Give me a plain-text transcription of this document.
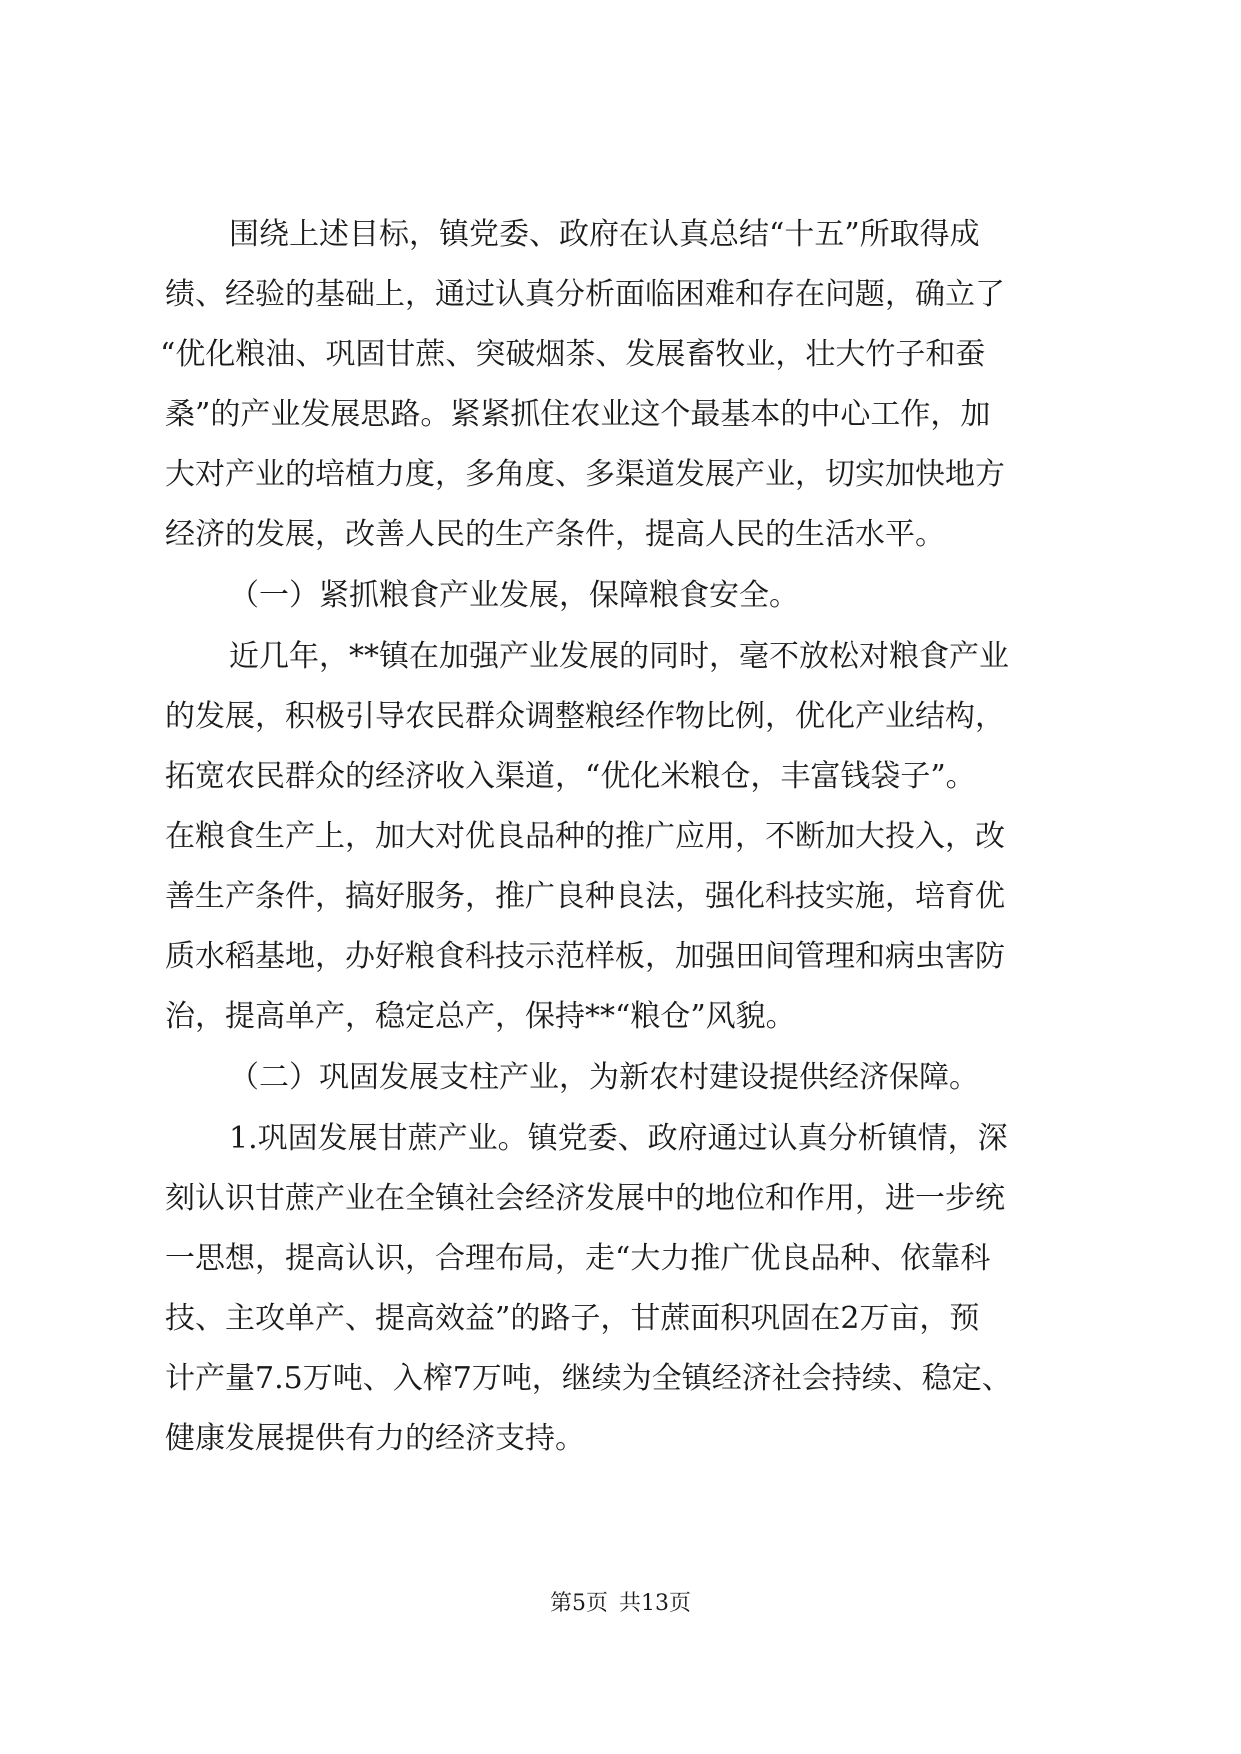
围绕上述目标，镇党委、政府在认真总结“十五”所取得成
绩、经验的基础上，通过认真分析面临困难和存在问题，确立了
“优化粮油、巩固甘蔗、突破烟茶、发展畜牧业，壮大竹子和蚕
桑”的产业发展思路。紧紧抓住农业这个最基本的中心工作，加
大对产业的培植力度，多角度、多渠道发展产业，切实加快地方
经济的发展，改善人民的生产条件，提高人民的生活水平。
（一）紧抓粮食产业发展，保障粮食安全。
近几年，**镇在加强产业发展的同时，毫不放松对粮食产业
的发展，积极引导农民群众调整粮经作物比例，优化产业结构，
拓宽农民群众的经济收入渠道，“优化米粮仓，丰富钱袋子”。
在粮食生产上，加大对优良品种的推广应用，不断加大投入，改
善生产条件，搞好服务，推广良种良法，强化科技实施，培育优
质水稻基地，办好粮食科技示范样板，加强田间管理和病虫害防
治，提高单产，稳定总产，保持**“粮仓”风貌。
（二）巩固发展支柱产业，为新农村建设提供经济保障。
1.巩固发展甘蔗产业。镇党委、政府通过认真分析镇情，深
刻认识甘蔗产业在全镇社会经济发展中的地位和作用，进一步统
一思想，提高认识，合理布局，走“大力推广优良品种、依靠科
技、主攻单产、提高效益”的路子，甘蔗面积巩固在2万亩，预
计产量7.5万吨、入榨7万吨，继续为全镇经济社会持续、稳定、
健康发展提供有力的经济支持。
第5页 共13页
